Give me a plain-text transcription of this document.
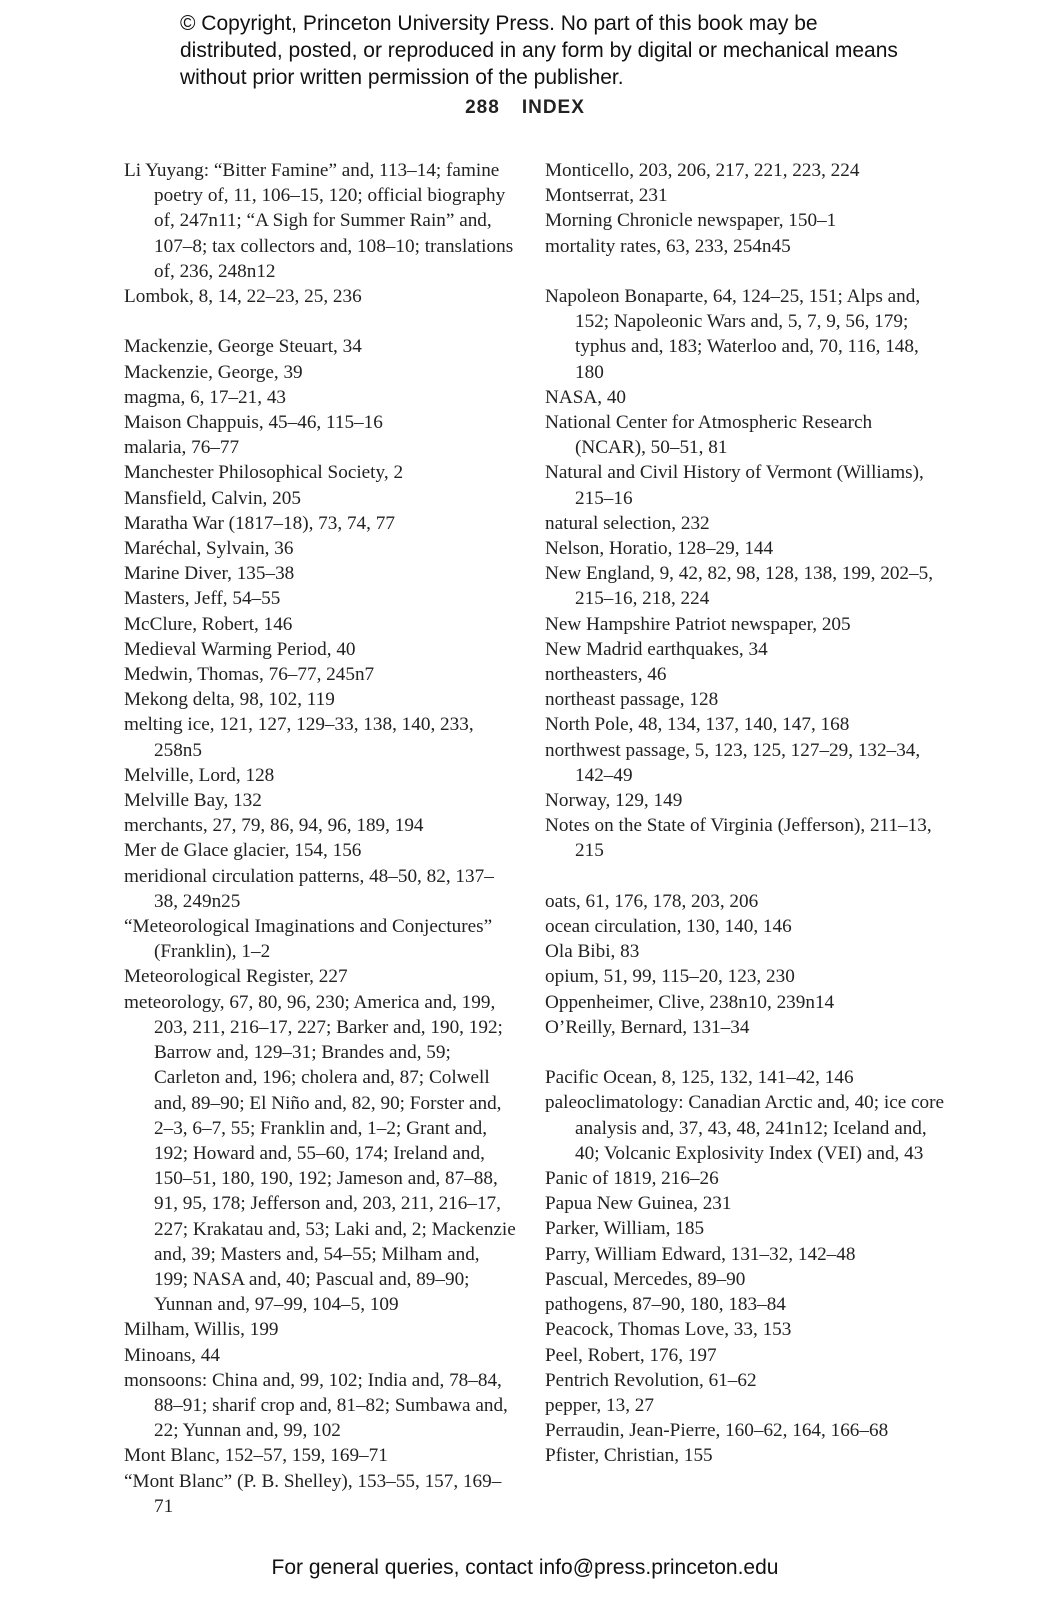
© Copyright, Princeton University Press. No part of this book may be distributed, posted, or reproduced in any form by digital or mechanical means without prior written permission of the publisher.
288 INDEX

Li Yuyang: “Bitter Famine” and, 113–14; famine poetry of, 11, 106–15, 120; official biography of, 247n11; “A Sigh for Summer Rain” and, 107–8; tax collectors and, 108–10; translations of, 236, 248n12

Lombok, 8, 14, 22–23, 25, 236

Mackenzie, George Steuart, 34

Mackenzie, George, 39

magma, 6, 17–21, 43

Maison Chappuis, 45–46, 115–16

malaria, 76–77

Manchester Philosophical Society, 2

Mansfield, Calvin, 205

Maratha War (1817–18), 73, 74, 77

Maréchal, Sylvain, 36

Marine Diver, 135–38

Masters, Jeff, 54–55

McClure, Robert, 146

Medieval Warming Period, 40

Medwin, Thomas, 76–77, 245n7

Mekong delta, 98, 102, 119

melting ice, 121, 127, 129–33, 138, 140, 233, 258n5

Melville, Lord, 128

Melville Bay, 132

merchants, 27, 79, 86, 94, 96, 189, 194

Mer de Glace glacier, 154, 156

meridional circulation patterns, 48–50, 82, 137–38, 249n25

“Meteorological Imaginations and Conjectures” (Franklin), 1–2

Meteorological Register, 227

meteorology, 67, 80, 96, 230; America and, 199, 203, 211, 216–17, 227; Barker and, 190, 192; Barrow and, 129–31; Brandes and, 59; Carleton and, 196; cholera and, 87; Colwell and, 89–90; El Niño and, 82, 90; Forster and, 2–3, 6–7, 55; Franklin and, 1–2; Grant and, 192; Howard and, 55–60, 174; Ireland and, 150–51, 180, 190, 192; Jameson and, 87–88, 91, 95, 178; Jefferson and, 203, 211, 216–17, 227; Krakatau and, 53; Laki and, 2; Mackenzie and, 39; Masters and, 54–55; Milham and, 199; NASA and, 40; Pascual and, 89–90; Yunnan and, 97–99, 104–5, 109

Milham, Willis, 199

Minoans, 44

monsoons: China and, 99, 102; India and, 78–84, 88–91; sharif crop and, 81–82; Sumbawa and, 22; Yunnan and, 99, 102

Mont Blanc, 152–57, 159, 169–71

“Mont Blanc” (P. B. Shelley), 153–55, 157, 169–71

Monticello, 203, 206, 217, 221, 223, 224

Montserrat, 231

Morning Chronicle newspaper, 150–1

mortality rates, 63, 233, 254n45

Napoleon Bonaparte, 64, 124–25, 151; Alps and, 152; Napoleonic Wars and, 5, 7, 9, 56, 179; typhus and, 183; Waterloo and, 70, 116, 148, 180

NASA, 40

National Center for Atmospheric Research (NCAR), 50–51, 81

Natural and Civil History of Vermont (Williams), 215–16

natural selection, 232

Nelson, Horatio, 128–29, 144

New England, 9, 42, 82, 98, 128, 138, 199, 202–5, 215–16, 218, 224

New Hampshire Patriot newspaper, 205

New Madrid earthquakes, 34

northeasters, 46

northeast passage, 128

North Pole, 48, 134, 137, 140, 147, 168

northwest passage, 5, 123, 125, 127–29, 132–34, 142–49

Norway, 129, 149

Notes on the State of Virginia (Jefferson), 211–13, 215

oats, 61, 176, 178, 203, 206

ocean circulation, 130, 140, 146

Ola Bibi, 83

opium, 51, 99, 115–20, 123, 230

Oppenheimer, Clive, 238n10, 239n14

O’Reilly, Bernard, 131–34

Pacific Ocean, 8, 125, 132, 141–42, 146

paleoclimatology: Canadian Arctic and, 40; ice core analysis and, 37, 43, 48, 241n12; Iceland and, 40; Volcanic Explosivity Index (VEI) and, 43

Panic of 1819, 216–26

Papua New Guinea, 231

Parker, William, 185

Parry, William Edward, 131–32, 142–48

Pascual, Mercedes, 89–90

pathogens, 87–90, 180, 183–84

Peacock, Thomas Love, 33, 153

Peel, Robert, 176, 197

Pentrich Revolution, 61–62

pepper, 13, 27

Perraudin, Jean-Pierre, 160–62, 164, 166–68

Pfister, Christian, 155

For general queries, contact info@press.princeton.edu
